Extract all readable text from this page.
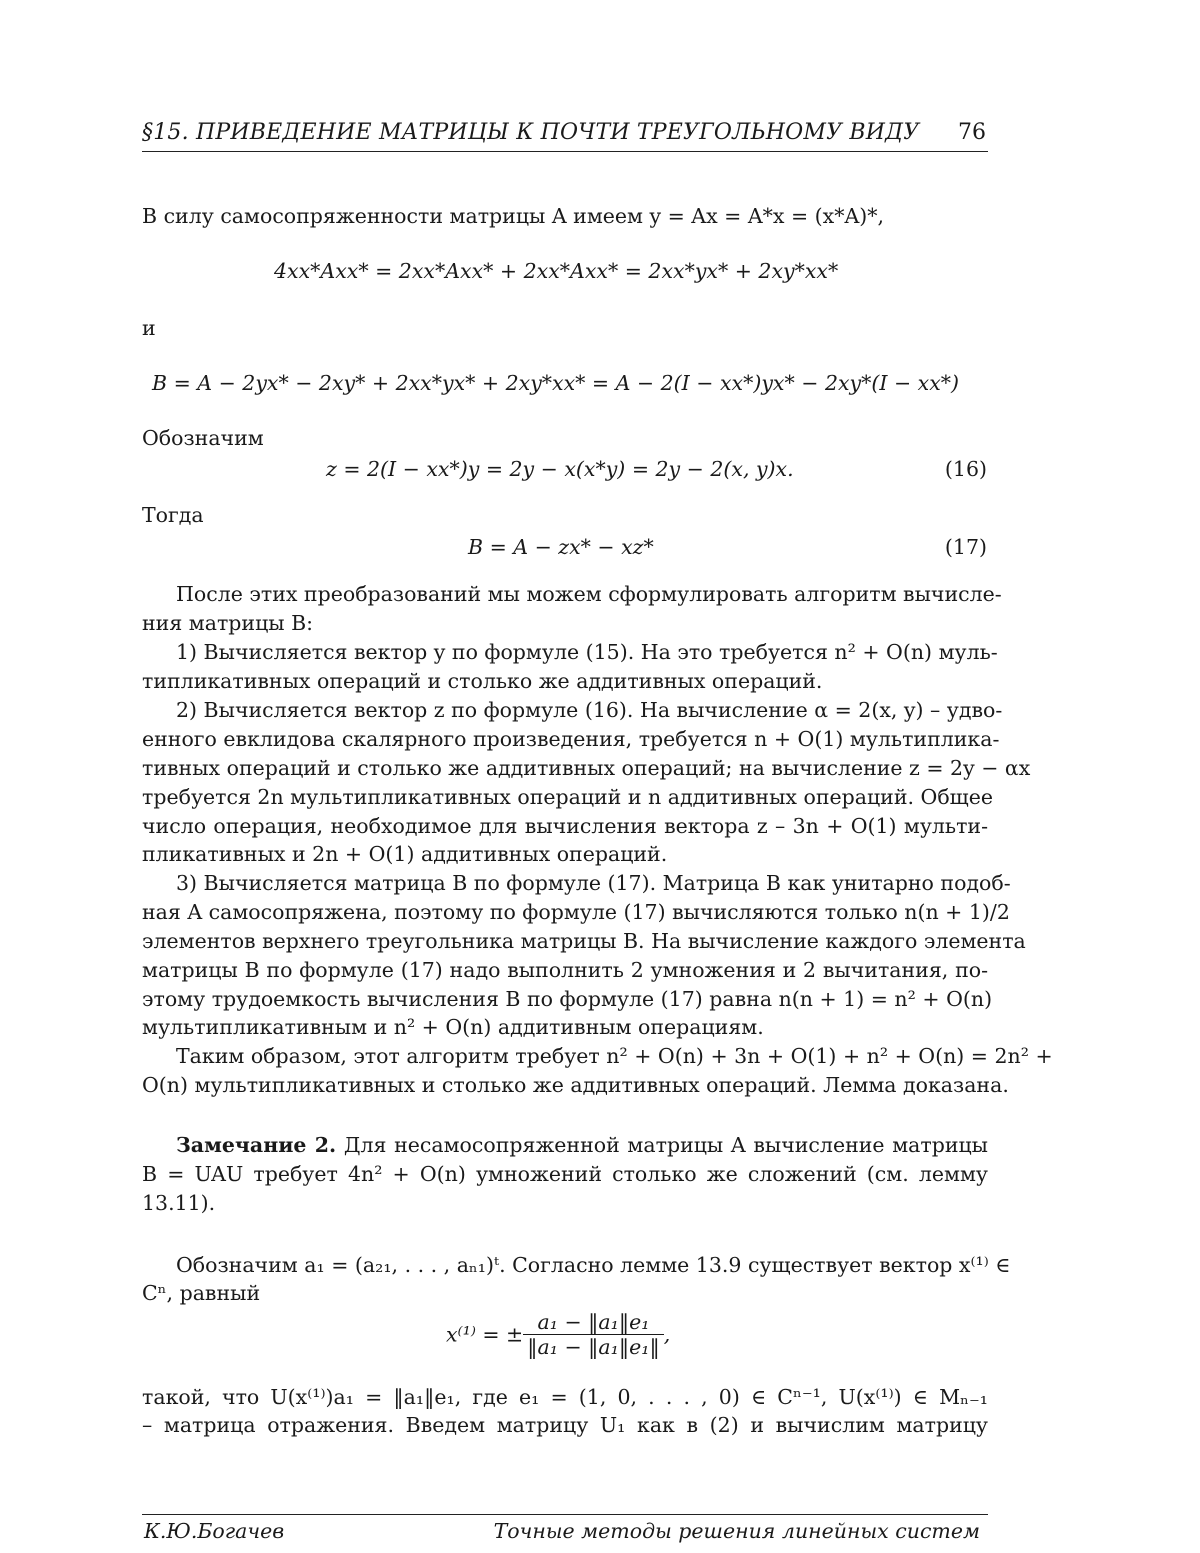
§15. ПРИВЕДЕНИЕ МАТРИЦЫ К ПОЧТИ ТРЕУГОЛЬНОМУ ВИДУ 76
В силу самосопряженности матрицы A имеем y = Ax = A*x = (x*A)*,
4xx*Axx* = 2xx*Axx* + 2xx*Axx* = 2xx*yx* + 2xy*xx*
и
B = A − 2yx* − 2xy* + 2xx*yx* + 2xy*xx* = A − 2(I − xx*)yx* − 2xy*(I − xx*)
Обозначим
z = 2(I − xx*)y = 2y − x(x*y) = 2y − 2(x, y)x.	(16)
Тогда
B = A − zx* − xz*	(17)
После этих преобразований мы можем сформулировать алгоритм вычисле-
ния матрицы B:
1) Вычисляется вектор y по формуле (15). На это требуется n² + O(n) муль-
типликативных операций и столько же аддитивных операций.
2) Вычисляется вектор z по формуле (16). На вычисление α = 2(x, y) – удво-
енного евклидова скалярного произведения, требуется n + O(1) мультиплика-
тивных операций и столько же аддитивных операций; на вычисление z = 2y − αx
требуется 2n мультипликативных операций и n аддитивных операций. Общее
число операция, необходимое для вычисления вектора z – 3n + O(1) мульти-
пликативных и 2n + O(1) аддитивных операций.
3) Вычисляется матрица B по формуле (17). Матрица B как унитарно подоб-
ная A самосопряжена, поэтому по формуле (17) вычисляются только n(n + 1)/2
элементов верхнего треугольника матрицы B. На вычисление каждого элемента
матрицы B по формуле (17) надо выполнить 2 умножения и 2 вычитания, по-
этому трудоемкость вычисления B по формуле (17) равна n(n + 1) = n² + O(n)
мультипликативным и n² + O(n) аддитивным операциям.
Таким образом, этот алгоритм требует n² + O(n) + 3n + O(1) + n² + O(n) = 2n² +
O(n) мультипликативных и столько же аддитивных операций. Лемма доказана.
Замечание 2. Для несамосопряженной матрицы A вычисление матрицы
B = UAU требует 4n² + O(n) умножений столько же сложений (см. лемму
13.11).
Обозначим a₁ = (a₂₁, . . . , aₙ₁)ᵗ. Согласно лемме 13.9 существует вектор x⁽¹⁾ ∈
Cⁿ, равный
x⁽¹⁾ = ± $\frac{\text{a₁ − ‖a₁‖e₁}}{\text{‖a₁ − ‖a₁‖e₁‖}}$ ,
такой, что U(x⁽¹⁾)a₁ = ‖a₁‖e₁, где e₁ = (1, 0, . . . , 0) ∈ Cⁿ⁻¹, U(x⁽¹⁾) ∈ Mₙ₋₁
– матрица отражения. Введем матрицу U₁ как в (2) и вычислим матрицу
К.Ю.Богачев	Точные методы решения линейных систем
